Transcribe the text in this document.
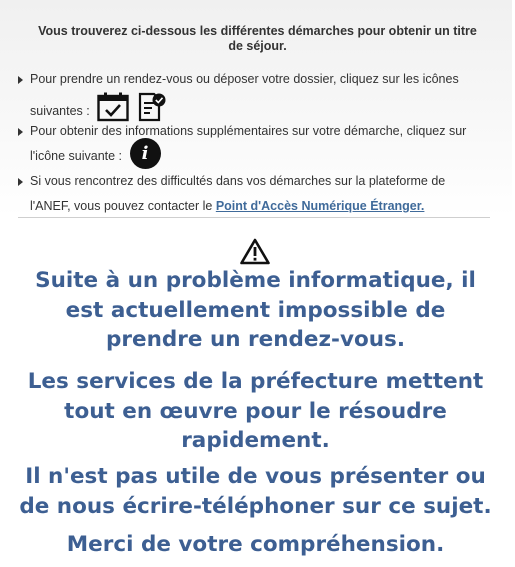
Vous trouverez ci-dessous les différentes démarches pour obtenir un titre de séjour.
Pour prendre un rendez-vous ou déposer votre dossier, cliquez sur les icônes suivantes :
Pour obtenir des informations supplémentaires sur votre démarche, cliquez sur l'icône suivante : i
Si vous rencontrez des difficultés dans vos démarches sur la plateforme de l'ANEF, vous pouvez contacter le Point d'Accès Numérique Étranger.
Suite à un problème informatique, il est actuellement impossible de prendre un rendez-vous.
Les services de la préfecture mettent tout en œuvre pour le résoudre rapidement.
Il n'est pas utile de vous présenter ou de nous écrire-téléphoner sur ce sujet.
Merci de votre compréhension.
